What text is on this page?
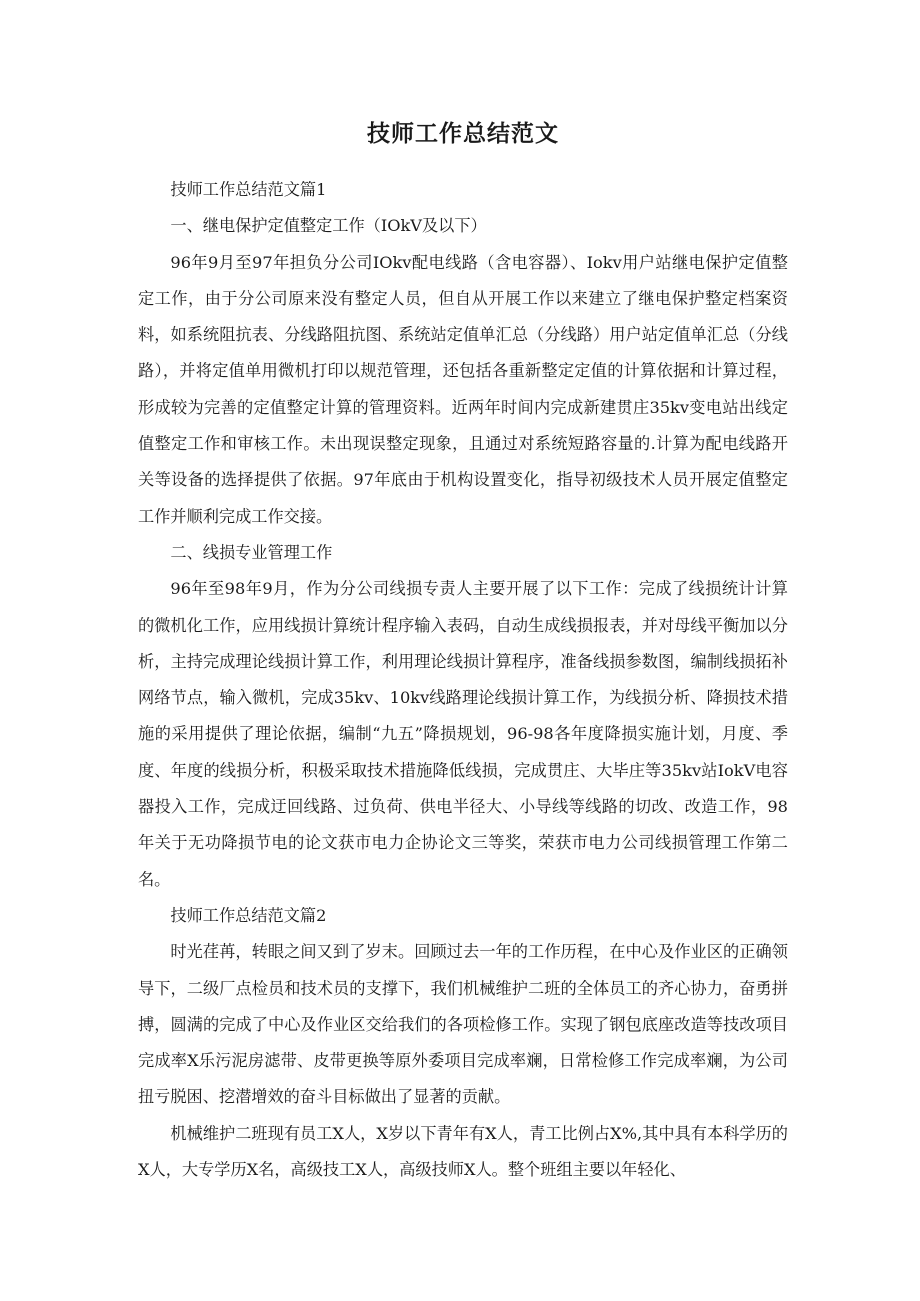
技师工作总结范文

技师工作总结范文篇1

一、继电保护定值整定工作（IOkV及以下）

96年9月至97年担负分公司IOkv配电线路（含电容器）、Iokv用户站继电保护定值整定工作，由于分公司原来没有整定人员，但自从开展工作以来建立了继电保护整定档案资料，如系统阻抗表、分线路阻抗图、系统站定值单汇总（分线路）用户站定值单汇总（分线路），并将定值单用微机打印以规范管理，还包括各重新整定定值的计算依据和计算过程，形成较为完善的定值整定计算的管理资料。近两年时间内完成新建贯庄35kv变电站出线定值整定工作和审核工作。未出现误整定现象，且通过对系统短路容量的.计算为配电线路开关等设备的选择提供了依据。97年底由于机构设置变化，指导初级技术人员开展定值整定工作并顺利完成工作交接。

二、线损专业管理工作

96年至98年9月，作为分公司线损专责人主要开展了以下工作：完成了线损统计计算的微机化工作，应用线损计算统计程序输入表码，自动生成线损报表，并对母线平衡加以分析，主持完成理论线损计算工作，利用理论线损计算程序，准备线损参数图，编制线损拓补网络节点，输入微机，完成35kv、10kv线路理论线损计算工作，为线损分析、降损技术措施的采用提供了理论依据，编制“九五”降损规划，96-98各年度降损实施计划，月度、季度、年度的线损分析，积极采取技术措施降低线损，完成贯庄、大毕庄等35kv站IokV电容器投入工作，完成迂回线路、过负荷、供电半径大、小导线等线路的切改、改造工作，98年关于无功降损节电的论文获市电力企协论文三等奖，荣获市电力公司线损管理工作第二名。

技师工作总结范文篇2

时光荏苒，转眼之间又到了岁末。回顾过去一年的工作历程，在中心及作业区的正确领导下，二级厂点检员和技术员的支撑下，我们机械维护二班的全体员工的齐心协力，奋勇拼搏，圆满的完成了中心及作业区交给我们的各项检修工作。实现了钢包底座改造等技改项目完成率X乐污泥房滤带、皮带更换等原外委项目完成率斓，日常检修工作完成率斓，为公司扭亏脱困、挖潜增效的奋斗目标做出了显著的贡献。

机械维护二班现有员工X人，X岁以下青年有X人，青工比例占X%,其中具有本科学历的X人，大专学历X名，高级技工X人，高级技师X人。整个班组主要以年轻化、
